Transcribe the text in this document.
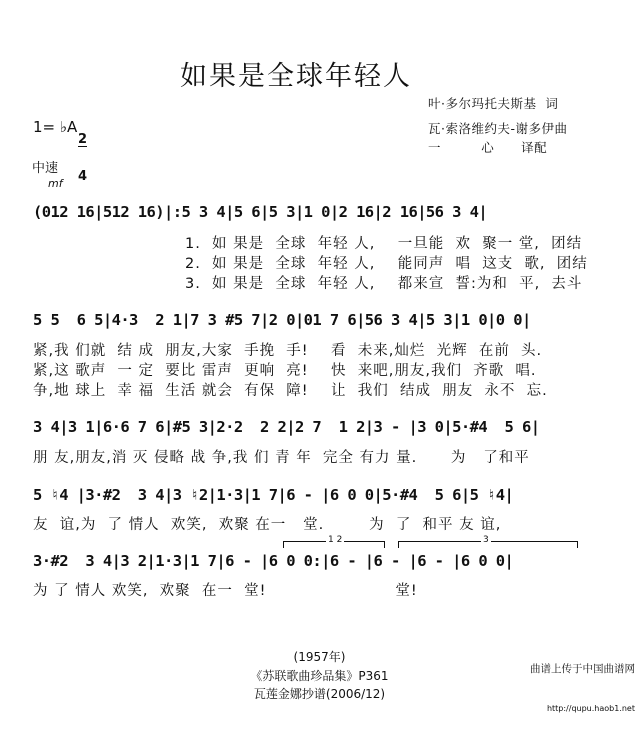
如果是全球年轻人
叶·多尔玛托夫斯基  词
瓦·索洛维约夫-谢多伊曲
一         心      译配
1= ♭A

2

4

中速
mf
(012 16|512 16)|:5 3 4|5 6|5 3|1 0|2 16|2 16|56 3 4|
1.  如 果是  全球  年轻 人,    一旦能  欢  聚一 堂,  团结
2.  如 果是  全球  年轻 人,    能同声  唱  这支  歌,  团结
3.  如 果是  全球  年轻 人,    都来宣  誓:为和  平,  去斗
5 5  6 5|4·3  2 1|7 3 #5 7|2 0|01 7 6|56 3 4|5 3|1 0|0 0|
紧,我 们就  结 成  朋友,大家  手挽  手!    看  未来,灿烂  光辉  在前  头.
紧,这 歌声  一 定  要比 雷声  更响  亮!    快  来吧,朋友,我们  齐歌  唱.
争,地 球上  幸 福  生活 就会  有保  障!    让  我们  结成  朋友  永不  忘.
3 4|3 1|6·6 7 6|#5 3|2·2  2 2|2 7  1 2|3 - |3 0|5·#4  5 6|
朋 友,朋友,消 灭 侵略 战 争,我 们 青 年  完全 有力 量.      为   了和平
5 ♮4 |3·#2  3 4|3 ♮2|1·3|1 7|6 - |6 0 0|5·#4  5 6|5 ♮4|
友  谊,为  了 情人  欢笑,  欢聚 在一   堂.        为  了  和平 友 谊,
1 2	3
3·#2  3 4|3 2|1·3|1 7|6 - |6 0 0:|6 - |6 - |6 - |6 0 0|
为 了 情人 欢笑,  欢聚  在一  堂!                       堂!
(1957年)
《苏联歌曲珍品集》P361
瓦莲金娜抄谱(2006/12)

曲谱上传于中国曲谱网

http://qupu.haob1.net
